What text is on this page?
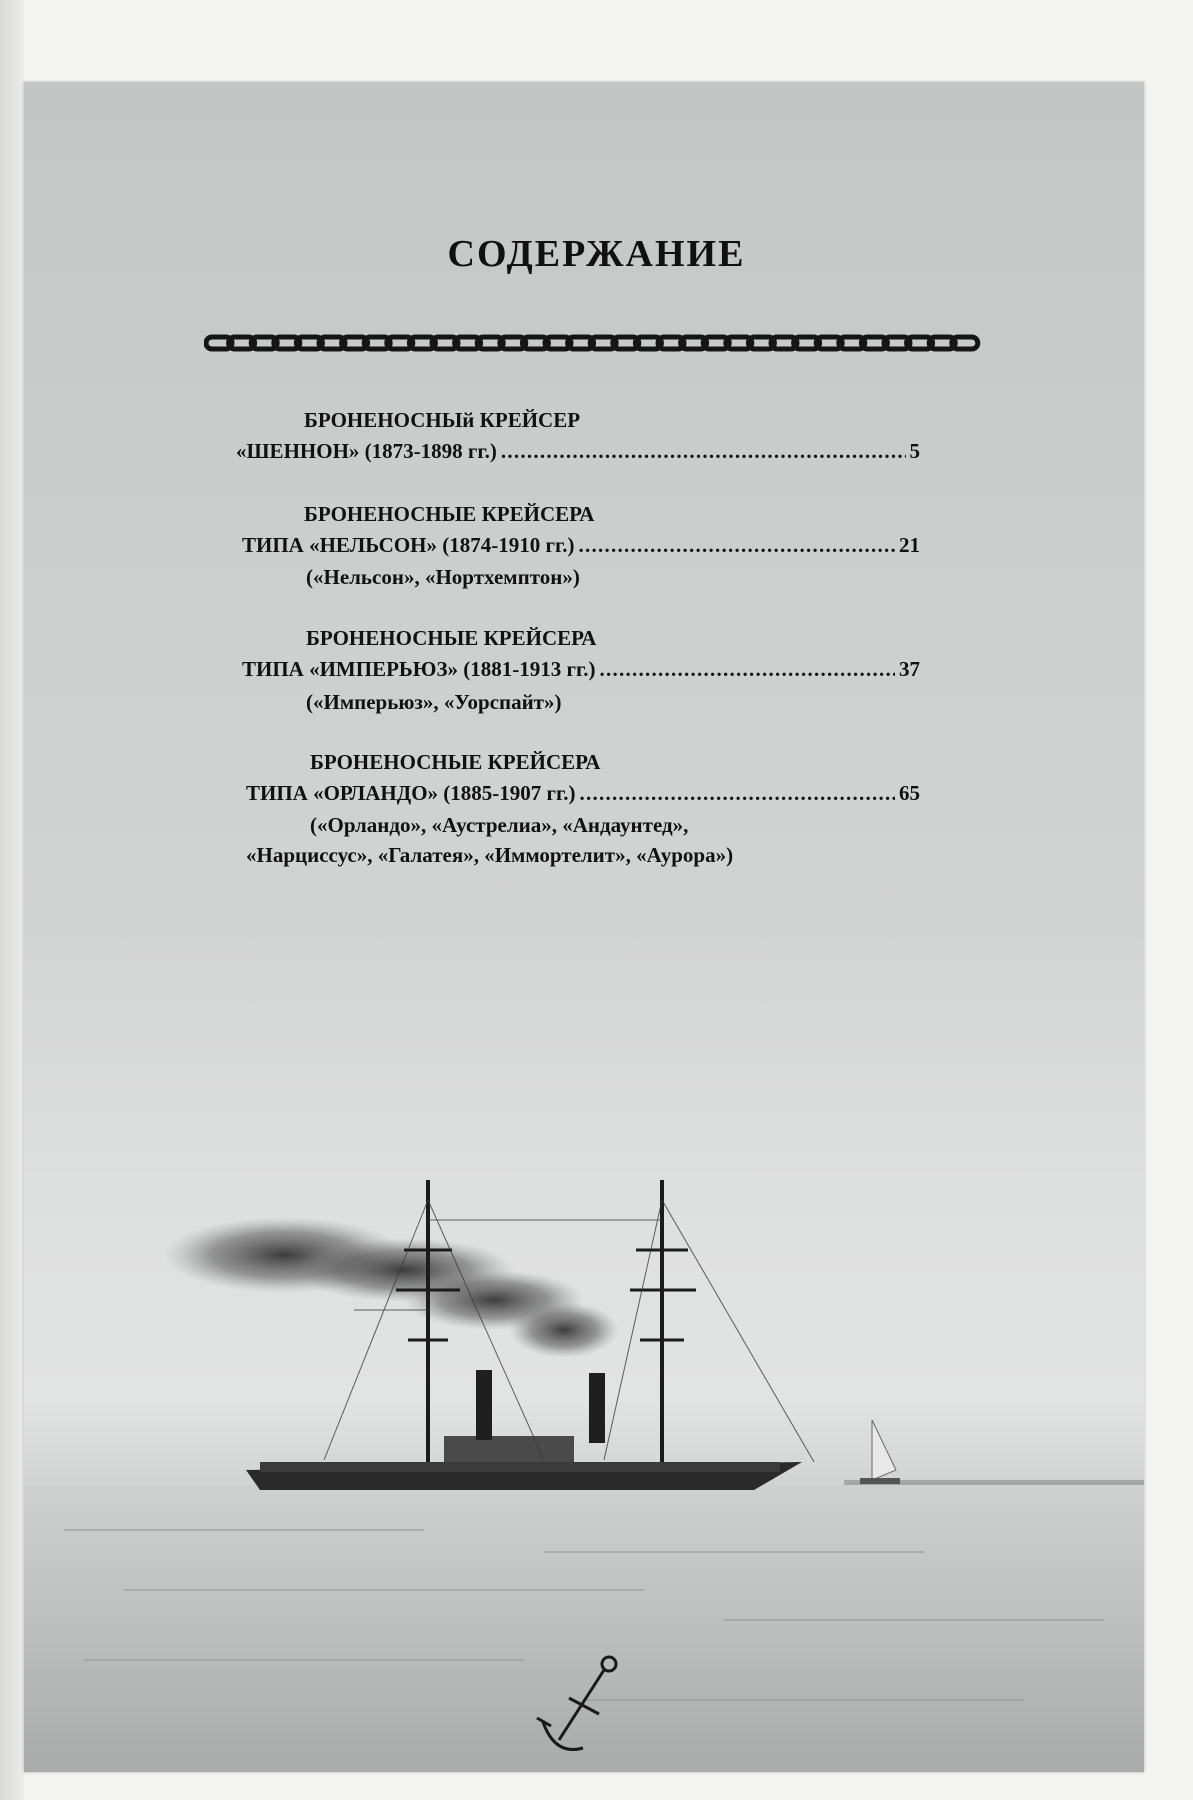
СОДЕРЖАНИЕ
БРОНЕНОСНЫй КРЕЙСЕР
«ШЕННОН» (1873-1898 гг.) . . .	5
БРОНЕНОСНЫЕ КРЕЙСЕРА
ТИПА «НЕЛЬСОН» (1874-1910 гг.) . . .	21
(«Нельсон», «Нортхемптон»)
БРОНЕНОСНЫЕ КРЕЙСЕРА
ТИПА «ИМПЕРЬЮЗ» (1881-1913 гг.) . . .	37
(«Имперьюз», «Уорспайт»)
БРОНЕНОСНЫЕ КРЕЙСЕРА
ТИПА «ОРЛАНДО» (1885-1907 гг.) . . .	65
(«Орландо», «Аустрелиа», «Андаунтед»,
«Нарциссус», «Галатея», «Иммортелит», «Аурора»)
